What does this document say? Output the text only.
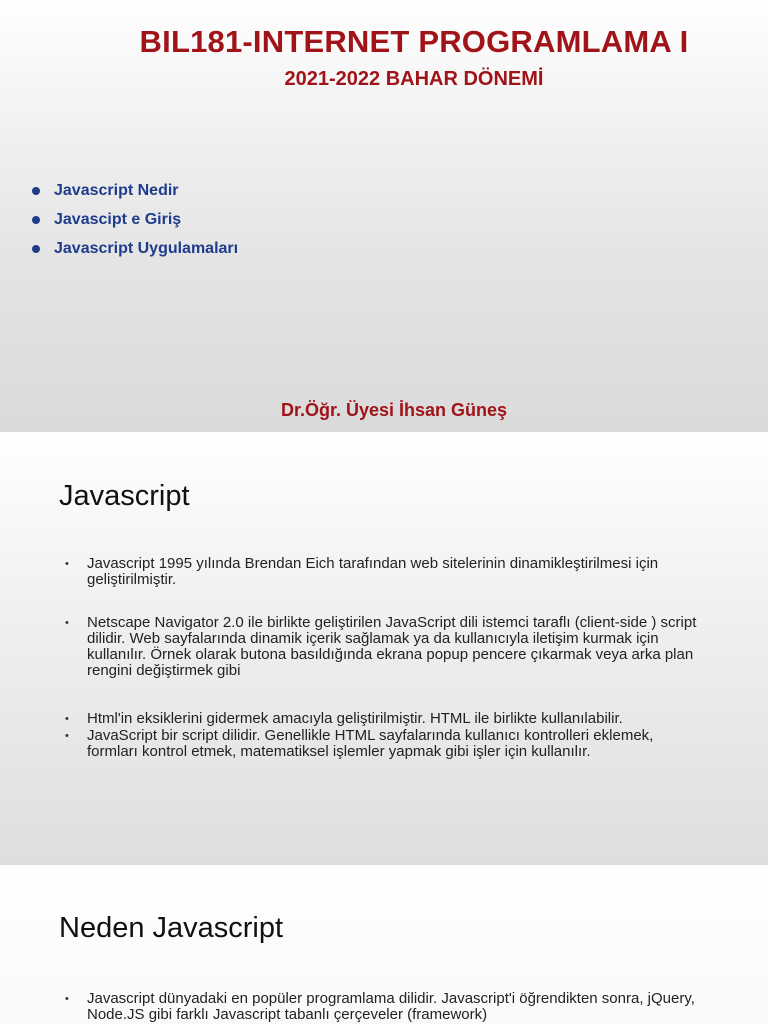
BIL181-INTERNET PROGRAMLAMA I
2021-2022 BAHAR DÖNEMİ
Javascript Nedir
Javascipt e Giriş
Javascript Uygulamaları
Dr.Öğr. Üyesi İhsan Güneş
Javascript
• Javascript 1995 yılında Brendan Eich tarafından web sitelerinin dinamikleştirilmesi için geliştirilmiştir.
• Netscape Navigator 2.0 ile birlikte geliştirilen JavaScript dili istemci taraflı (client-side ) script dilidir. Web sayfalarında dinamik içerik sağlamak ya da kullanıcıyla iletişim kurmak için kullanılır. Örnek olarak butona basıldığında ekrana popup pencere çıkarmak veya arka plan rengini değiştirmek gibi
• Html'in eksiklerini gidermek amacıyla geliştirilmiştir. HTML ile birlikte kullanılabilir.
• JavaScript bir script dilidir. Genellikle HTML sayfalarında kullanıcı kontrolleri eklemek, formları kontrol etmek, matematiksel işlemler yapmak gibi işler için kullanılır.
Neden Javascript
• Javascript dünyadaki en popüler programlama dilidir. Javascript'i öğrendikten sonra, jQuery, Node.JS gibi farklı Javascript tabanlı çerçeveler (framework)
